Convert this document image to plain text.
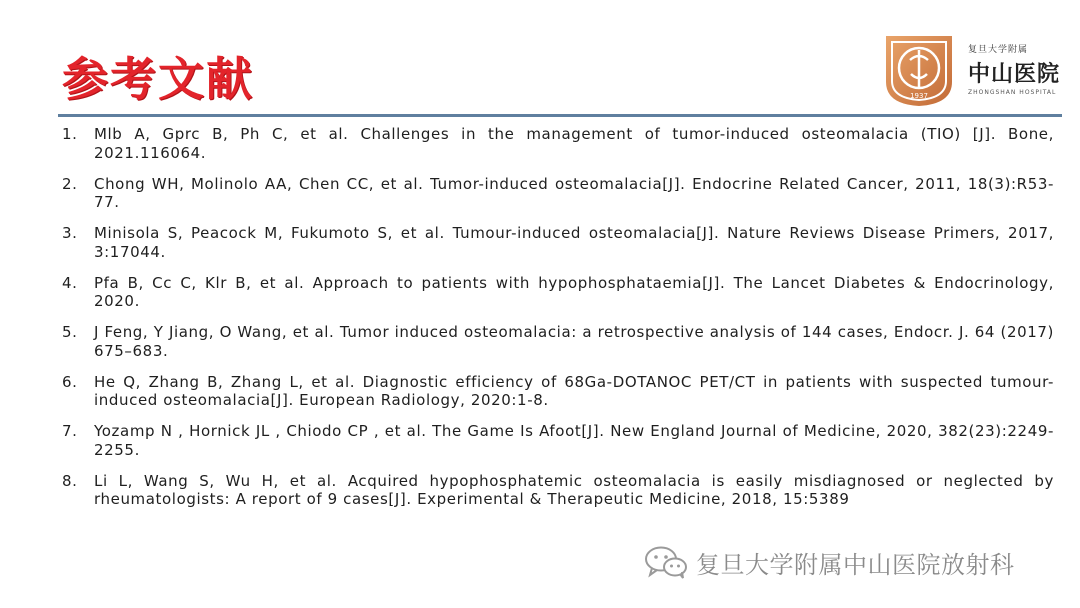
参考文献	1937
复旦大学附属
中山医院
ZHONGSHAN HOSPITAL
1.	Mlb A, Gprc B, Ph C, et al. Challenges in the management of tumor-induced osteomalacia (TIO) [J]. Bone, 2021.116064.
2.	Chong WH, Molinolo AA, Chen CC, et al. Tumor-induced osteomalacia[J]. Endocrine Related Cancer, 2011, 18(3):R53-77.
3.	Minisola S, Peacock M, Fukumoto S, et al. Tumour-induced osteomalacia[J]. Nature Reviews Disease Primers, 2017, 3:17044.
4.	Pfa B, Cc C, Klr B, et al. Approach to patients with hypophosphataemia[J]. The Lancet Diabetes & Endocrinology, 2020.
5.	J Feng, Y Jiang, O Wang, et al. Tumor induced osteomalacia: a retrospective analysis of 144 cases, Endocr. J. 64 (2017) 675–683.
6.	He Q, Zhang B, Zhang L, et al. Diagnostic efficiency of 68Ga-DOTANOC PET/CT in patients with suspected tumour-induced osteomalacia[J]. European Radiology, 2020:1-8.
7.	Yozamp N , Hornick JL , Chiodo CP , et al. The Game Is Afoot[J]. New England Journal of Medicine, 2020, 382(23):2249-2255.
8.	Li L, Wang S, Wu H, et al. Acquired hypophosphatemic osteomalacia is easily misdiagnosed or neglected by rheumatologists: A report of 9 cases[J]. Experimental & Therapeutic Medicine, 2018, 15:5389
复旦大学附属中山医院放射科
